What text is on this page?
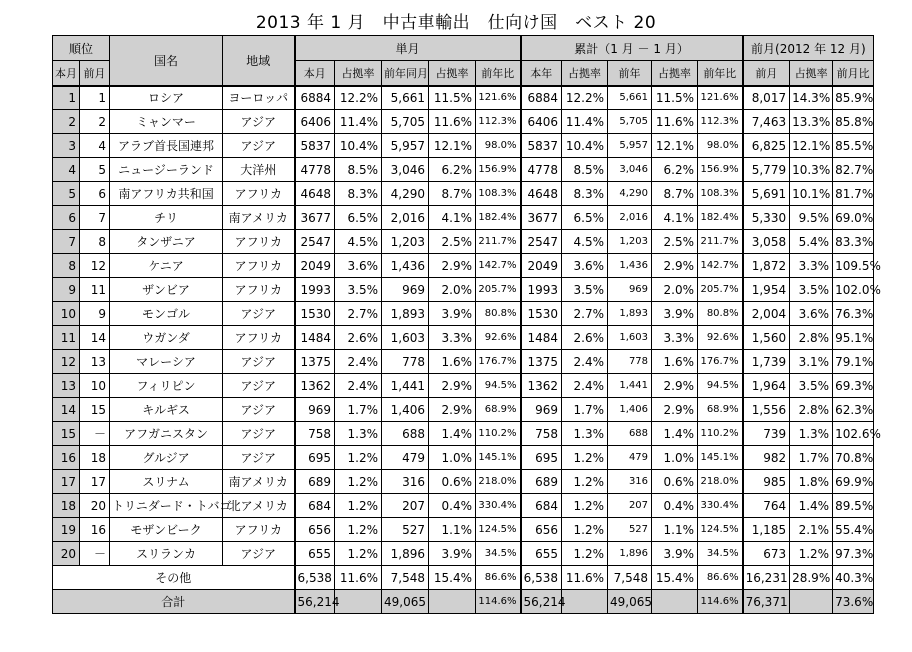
2013 年 1 月　中古車輸出　仕向け国　ベスト 20
順位		国名	地域	単月					累計（1 月 － 1 月）					前月(2012 年 12 月)		
本月	前月			本月	占拠率	前年同月	占拠率	前年比	本年	占拠率	前年	占拠率	前年比	前月	占拠率	前月比
1	1	ロシア	ヨーロッパ	6884	12.2%	5,661	11.5%	121.6%	6884	12.2%	5,661	11.5%	121.6%	8,017	14.3%	85.9%
2	2	ミャンマー	アジア	6406	11.4%	5,705	11.6%	112.3%	6406	11.4%	5,705	11.6%	112.3%	7,463	13.3%	85.8%
3	4	アラブ首長国連邦	アジア	5837	10.4%	5,957	12.1%	98.0%	5837	10.4%	5,957	12.1%	98.0%	6,825	12.1%	85.5%
4	5	ニュージーランド	大洋州	4778	8.5%	3,046	6.2%	156.9%	4778	8.5%	3,046	6.2%	156.9%	5,779	10.3%	82.7%
5	6	南アフリカ共和国	アフリカ	4648	8.3%	4,290	8.7%	108.3%	4648	8.3%	4,290	8.7%	108.3%	5,691	10.1%	81.7%
6	7	チリ	南アメリカ	3677	6.5%	2,016	4.1%	182.4%	3677	6.5%	2,016	4.1%	182.4%	5,330	9.5%	69.0%
7	8	タンザニア	アフリカ	2547	4.5%	1,203	2.5%	211.7%	2547	4.5%	1,203	2.5%	211.7%	3,058	5.4%	83.3%
8	12	ケニア	アフリカ	2049	3.6%	1,436	2.9%	142.7%	2049	3.6%	1,436	2.9%	142.7%	1,872	3.3%	109.5%
9	11	ザンビア	アフリカ	1993	3.5%	969	2.0%	205.7%	1993	3.5%	969	2.0%	205.7%	1,954	3.5%	102.0%
10	9	モンゴル	アジア	1530	2.7%	1,893	3.9%	80.8%	1530	2.7%	1,893	3.9%	80.8%	2,004	3.6%	76.3%
11	14	ウガンダ	アフリカ	1484	2.6%	1,603	3.3%	92.6%	1484	2.6%	1,603	3.3%	92.6%	1,560	2.8%	95.1%
12	13	マレーシア	アジア	1375	2.4%	778	1.6%	176.7%	1375	2.4%	778	1.6%	176.7%	1,739	3.1%	79.1%
13	10	フィリピン	アジア	1362	2.4%	1,441	2.9%	94.5%	1362	2.4%	1,441	2.9%	94.5%	1,964	3.5%	69.3%
14	15	キルギス	アジア	969	1.7%	1,406	2.9%	68.9%	969	1.7%	1,406	2.9%	68.9%	1,556	2.8%	62.3%
15	－	アフガニスタン	アジア	758	1.3%	688	1.4%	110.2%	758	1.3%	688	1.4%	110.2%	739	1.3%	102.6%
16	18	グルジア	アジア	695	1.2%	479	1.0%	145.1%	695	1.2%	479	1.0%	145.1%	982	1.7%	70.8%
17	17	スリナム	南アメリカ	689	1.2%	316	0.6%	218.0%	689	1.2%	316	0.6%	218.0%	985	1.8%	69.9%
18	20	トリニダード・トバゴ	北アメリカ	684	1.2%	207	0.4%	330.4%	684	1.2%	207	0.4%	330.4%	764	1.4%	89.5%
19	16	モザンビーク	アフリカ	656	1.2%	527	1.1%	124.5%	656	1.2%	527	1.1%	124.5%	1,185	2.1%	55.4%
20	－	スリランカ	アジア	655	1.2%	1,896	3.9%	34.5%	655	1.2%	1,896	3.9%	34.5%	673	1.2%	97.3%
その他				6,538	11.6%	7,548	15.4%	86.6%	6,538	11.6%	7,548	15.4%	86.6%	16,231	28.9%	40.3%
合計				56,214		49,065		114.6%	56,214		49,065		114.6%	76,371		73.6%
